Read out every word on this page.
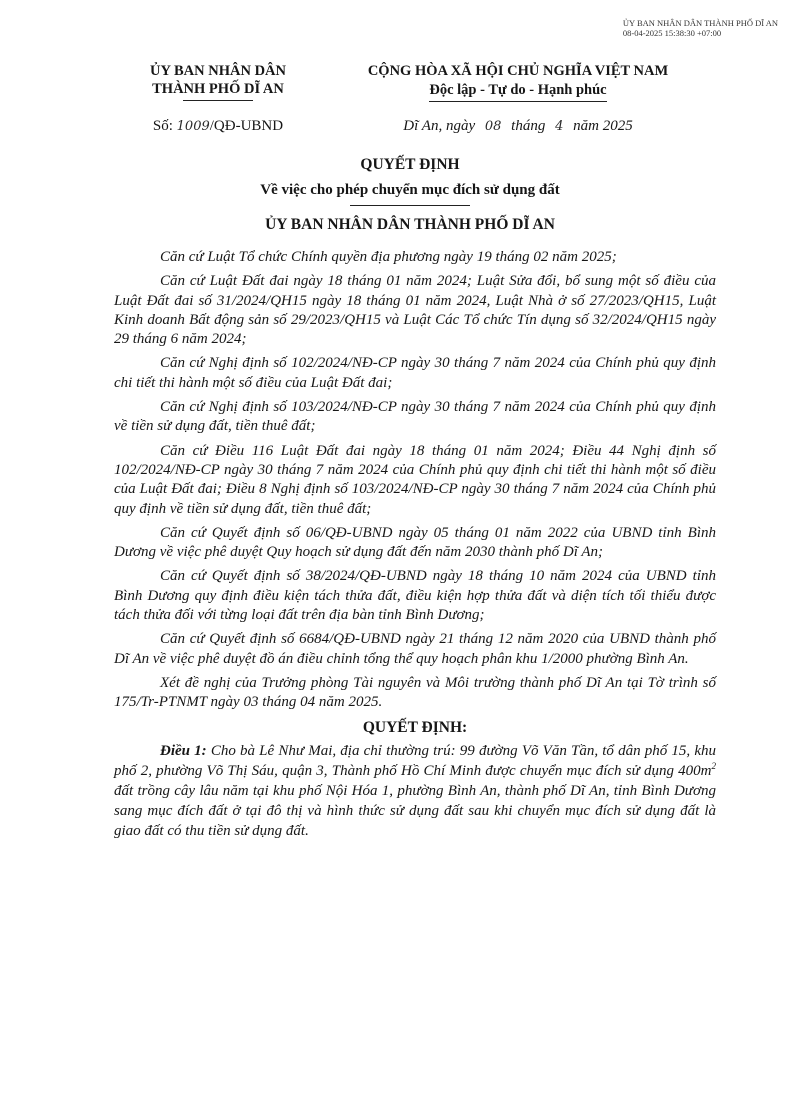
ỦY BAN NHÂN DÂN THÀNH PHỐ DĨ AN
08-04-2025 15:38:30 +07:00
ỦY BAN NHÂN DÂN
THÀNH PHỐ DĨ AN
CỘNG HÒA XÃ HỘI CHỦ NGHĨA VIỆT NAM
Độc lập - Tự do - Hạnh phúc
Số: 1009/QĐ-UBND	Dĩ An, ngày 08 tháng 4 năm 2025
QUYẾT ĐỊNH
Về việc cho phép chuyển mục đích sử dụng đất
ỦY BAN NHÂN DÂN THÀNH PHỐ DĨ AN

Căn cứ Luật Tổ chức Chính quyền địa phương ngày 19 tháng 02 năm 2025;

Căn cứ Luật Đất đai ngày 18 tháng 01 năm 2024; Luật Sửa đổi, bổ sung một số điều của Luật Đất đai số 31/2024/QH15 ngày 18 tháng 01 năm 2024, Luật Nhà ở số 27/2023/QH15, Luật Kinh doanh Bất động sản số 29/2023/QH15 và Luật Các Tổ chức Tín dụng số 32/2024/QH15 ngày 29 tháng 6 năm 2024;

Căn cứ Nghị định số 102/2024/NĐ-CP ngày 30 tháng 7 năm 2024 của Chính phủ quy định chi tiết thi hành một số điều của Luật Đất đai;

Căn cứ Nghị định số 103/2024/NĐ-CP ngày 30 tháng 7 năm 2024 của Chính phủ quy định về tiền sử dụng đất, tiền thuê đất;

Căn cứ Điều 116 Luật Đất đai ngày 18 tháng 01 năm 2024; Điều 44 Nghị định số 102/2024/NĐ-CP ngày 30 tháng 7 năm 2024 của Chính phủ quy định chi tiết thi hành một số điều của Luật Đất đai; Điều 8 Nghị định số 103/2024/NĐ-CP ngày 30 tháng 7 năm 2024 của Chính phủ quy định về tiền sử dụng đất, tiền thuê đất;

Căn cứ Quyết định số 06/QĐ-UBND ngày 05 tháng 01 năm 2022 của UBND tỉnh Bình Dương về việc phê duyệt Quy hoạch sử dụng đất đến năm 2030 thành phố Dĩ An;

Căn cứ Quyết định số 38/2024/QĐ-UBND ngày 18 tháng 10 năm 2024 của UBND tỉnh Bình Dương quy định điều kiện tách thửa đất, điều kiện hợp thửa đất và diện tích tối thiểu được tách thửa đối với từng loại đất trên địa bàn tỉnh Bình Dương;

Căn cứ Quyết định số 6684/QĐ-UBND ngày 21 tháng 12 năm 2020 của UBND thành phố Dĩ An về việc phê duyệt đồ án điều chỉnh tổng thể quy hoạch phân khu 1/2000 phường Bình An.

Xét đề nghị của Trưởng phòng Tài nguyên và Môi trường thành phố Dĩ An tại Tờ trình số 175/Tr-PTNMT ngày 03 tháng 04 năm 2025.

QUYẾT ĐỊNH:

Điều 1: Cho bà Lê Như Mai, địa chỉ thường trú: 99 đường Võ Văn Tần, tổ dân phố 15, khu phố 2, phường Võ Thị Sáu, quận 3, Thành phố Hồ Chí Minh được chuyển mục đích sử dụng $400m^2$ đất trồng cây lâu năm tại khu phố Nội Hóa 1, phường Bình An, thành phố Dĩ An, tỉnh Bình Dương sang mục đích đất ở tại đô thị và hình thức sử dụng đất sau khi chuyển mục đích sử dụng đất là giao đất có thu tiền sử dụng đất.
